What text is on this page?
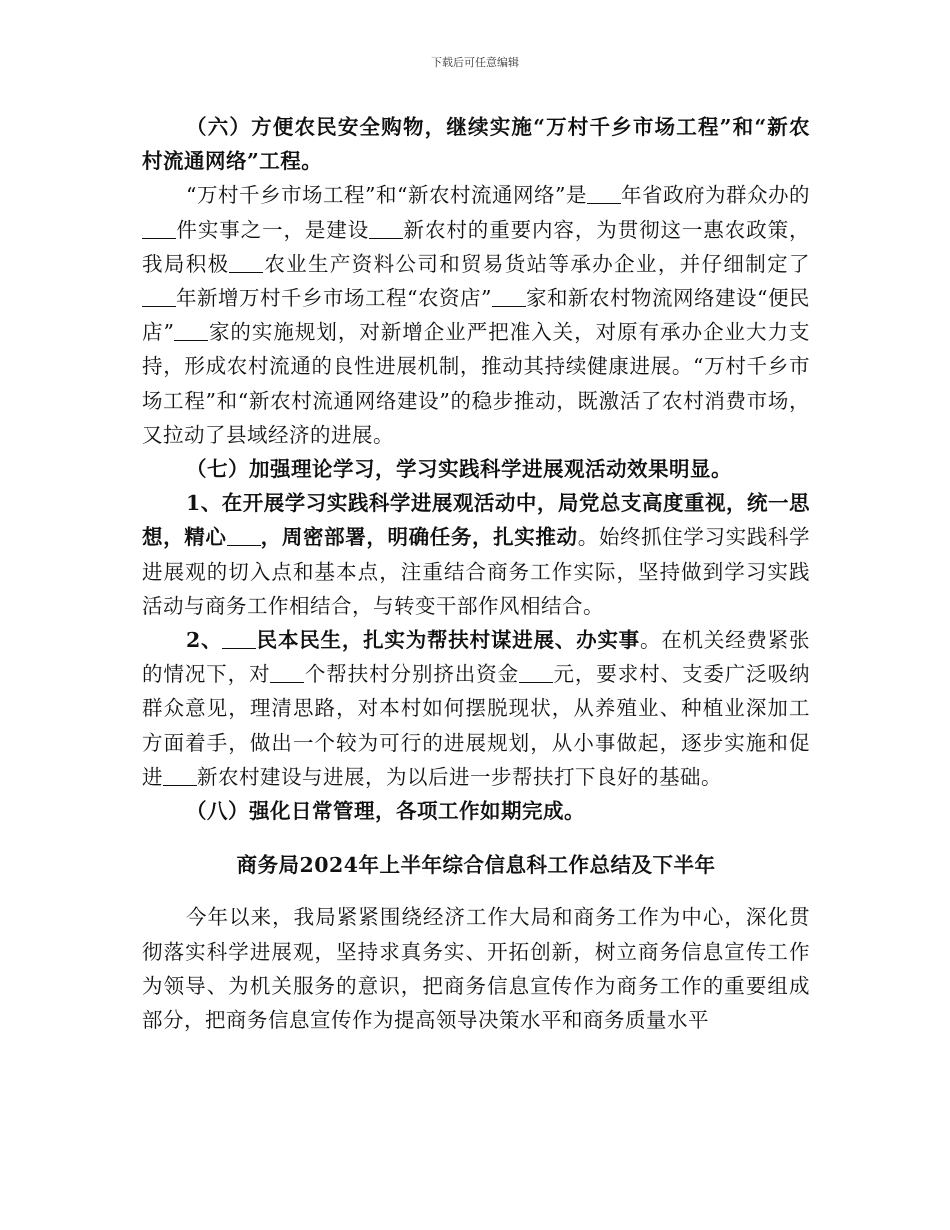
下载后可任意编辑

（六）方便农民安全购物，继续实施“万村千乡市场工程”和“新农村流通网络”工程。

“万村千乡市场工程”和“新农村流通网络”是 年省政府为群众办的件实事之一，是建设 新农村的重要内容，为贯彻这一惠农政策，我局积极 农业生产资料公司和贸易货站等承办企业，并仔细制定了年新增万村千乡市场工程“农资店” 家和新农村物流网络建设“便民店” 家的实施规划，对新增企业严把准入关，对原有承办企业大力支持，形成农村流通的良性进展机制，推动其持续健康进展。“万村千乡市场工程”和“新农村流通网络建设”的稳步推动，既激活了农村消费市场，又拉动了县域经济的进展。

（七）加强理论学习，学习实践科学进展观活动效果明显。

1、在开展学习实践科学进展观活动中，局党总支高度重视，统一思想，精心 ，周密部署，明确任务，扎实推动。始终抓住学习实践科学进展观的切入点和基本点，注重结合商务工作实际，坚持做到学习实践活动与商务工作相结合，与转变干部作风相结合。

2、 民本民生，扎实为帮扶村谋进展、办实事。在机关经费紧张的情况下，对 个帮扶村分别挤出资金 元，要求村、支委广泛吸纳群众意见，理清思路，对本村如何摆脱现状，从养殖业、种植业深加工方面着手，做出一个较为可行的进展规划，从小事做起，逐步实施和促进 新农村建设与进展，为以后进一步帮扶打下良好的基础。

（八）强化日常管理，各项工作如期完成。

商务局2024年上半年综合信息科工作总结及下半年

今年以来，我局紧紧围绕经济工作大局和商务工作为中心，深化贯彻落实科学进展观，坚持求真务实、开拓创新，树立商务信息宣传工作为领导、为机关服务的意识，把商务信息宣传作为商务工作的重要组成部分，把商务信息宣传作为提高领导决策水平和商务质量水平
